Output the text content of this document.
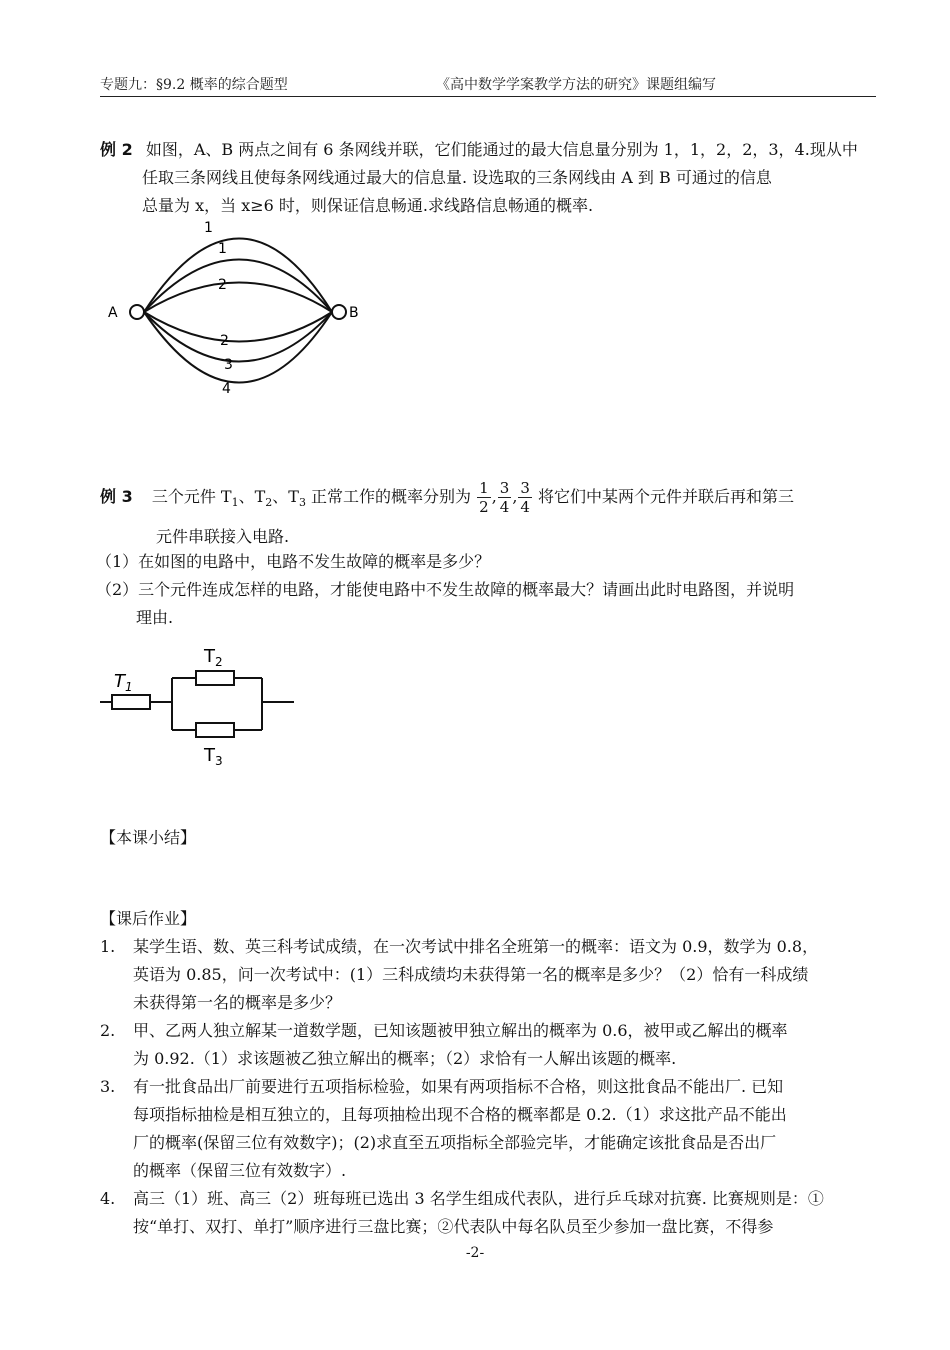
专题九：§9.2 概率的综合题型	《高中数学学案教学方法的研究》课题组编写
例 2 如图，A、B 两点之间有 6 条网线并联，它们能通过的最大信息量分别为 1，1，2，2，3，4.现从中
任取三条网线且使每条网线通过最大的信息量. 设选取的三条网线由 A 到 B 可通过的信息
总量为 x，当 x≥6 时，则保证信息畅通.求线路信息畅通的概率.
A	B
1
1
2
2
3
4
例 3 三个元件 $T_1$、$T_2$、$T_3$ 正常工作的概率分别为 $\frac{1}{2}$ , $\frac{3}{4}$ , $\frac{3}{4}$ 将它们中某两个元件并联后再和第三
元件串联接入电路.
（1）在如图的电路中，电路不发生故障的概率是多少？
（2）三个元件连成怎样的电路，才能使电路中不发生故障的概率最大？请画出此时电路图，并说明
理由.
$T_1$
$T_2$
$T_3$
【本课小结】
【课后作业】
1. 某学生语、数、英三科考试成绩，在一次考试中排名全班第一的概率：语文为 0.9，数学为 0.8，
英语为 0.85，问一次考试中：(1）三科成绩均未获得第一名的概率是多少？（2）恰有一科成绩
未获得第一名的概率是多少？
2. 甲、乙两人独立解某一道数学题，已知该题被甲独立解出的概率为 0.6，被甲或乙解出的概率
为 0.92.（1）求该题被乙独立解出的概率；（2）求恰有一人解出该题的概率.
3. 有一批食品出厂前要进行五项指标检验，如果有两项指标不合格，则这批食品不能出厂. 已知
每项指标抽检是相互独立的，且每项抽检出现不合格的概率都是 0.2.（1）求这批产品不能出
厂的概率(保留三位有效数字)；(2)求直至五项指标全部验完毕，才能确定该批食品是否出厂
的概率（保留三位有效数字）.
4. 高三（1）班、高三（2）班每班已选出 3 名学生组成代表队，进行乒乓球对抗赛. 比赛规则是：①
按“单打、双打、单打”顺序进行三盘比赛；②代表队中每名队员至少参加一盘比赛，不得参
-2-
